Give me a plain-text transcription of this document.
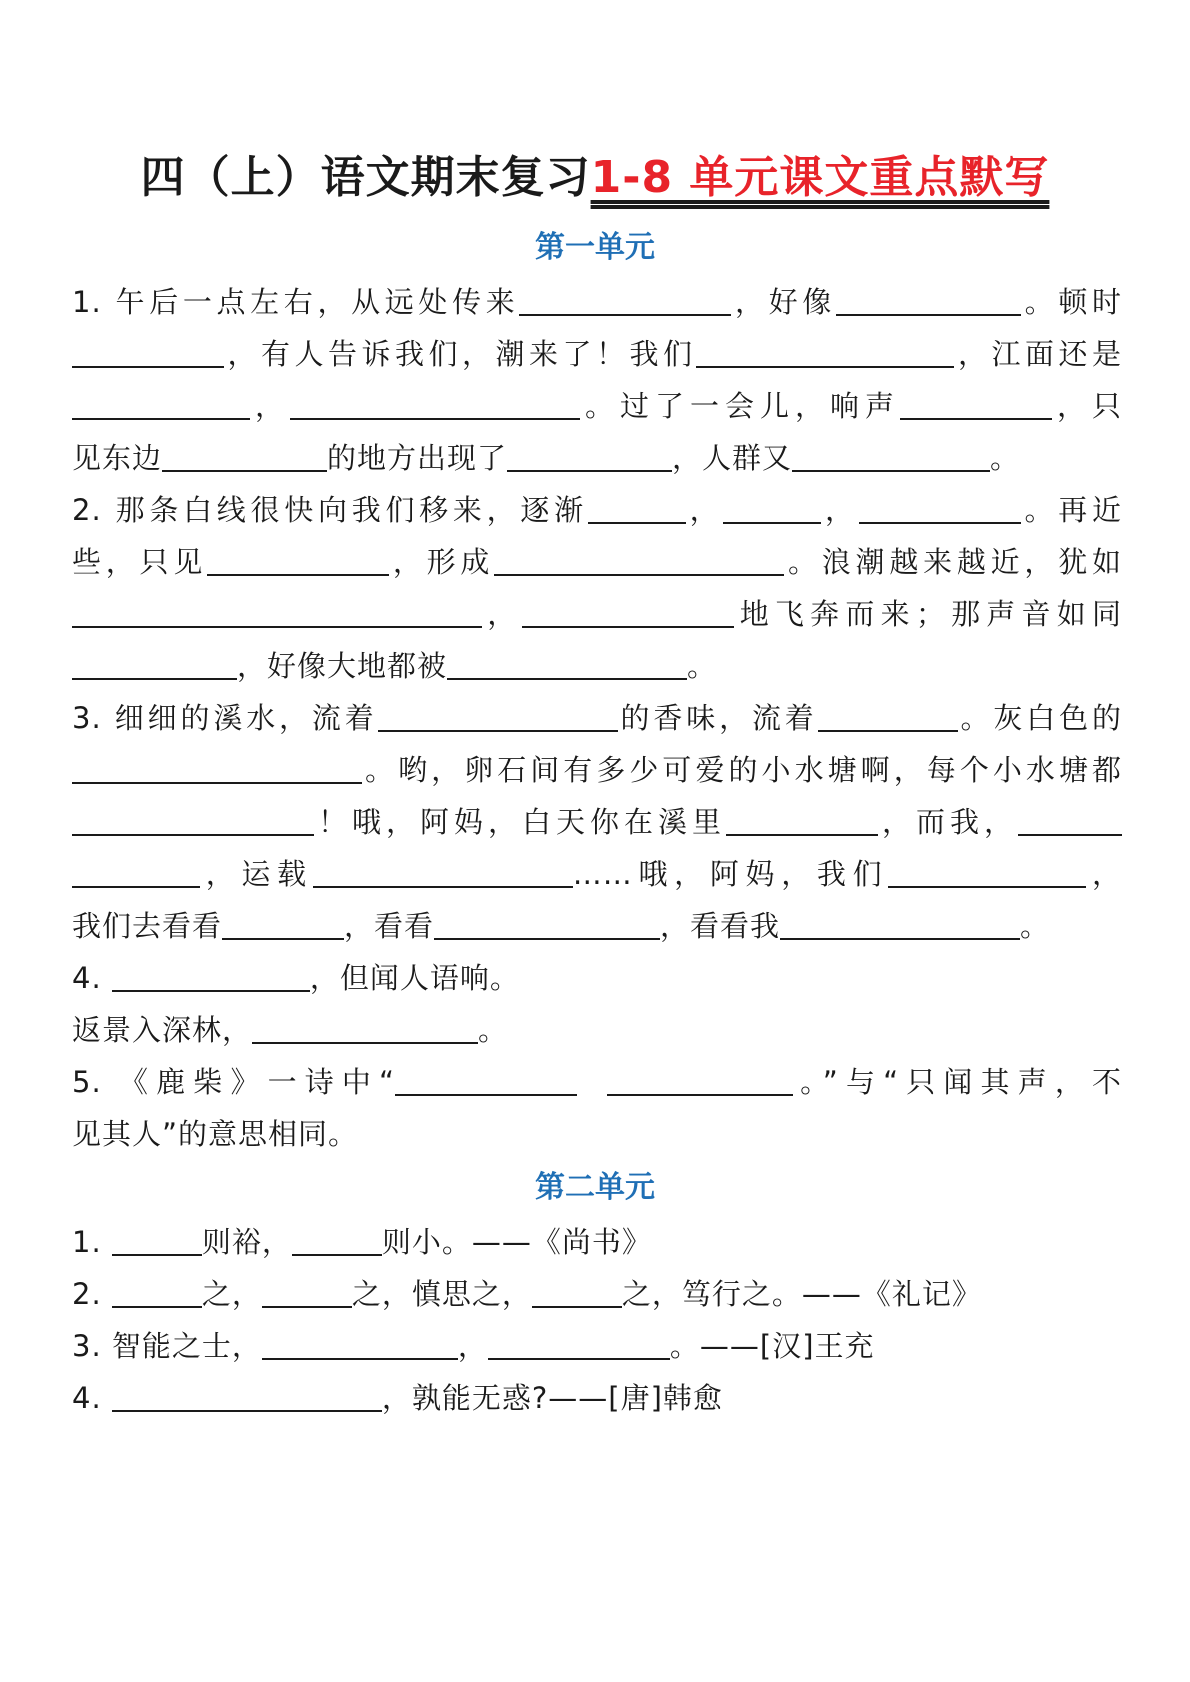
四（上）语文期末复习1-8 单元课文重点默写
第一单元
1. 午后一点左右，从远处传来	，好像	。顿时
，有人告诉我们，潮来了！我们	，江面还是
，	。过了一会儿，响声	，只
见东边	的地方出现了	，人群又	。
2. 那条白线很快向我们移来，逐渐	，	，	。再近
些，只见	，形成	。浪潮越来越近，犹如
，	地飞奔而来；那声音如同
，好像大地都被	。
3. 细细的溪水，流着	的香味，流着	。灰白色的
。哟，卵石间有多少可爱的小水塘啊，每个小水塘都
！哦，阿妈，白天你在溪里	，而我，
，运载	……哦，阿妈，我们	，
我们去看看	，看看	，看看我	。
4.	，但闻人语响。
返景入深林，	。
5. 《鹿柴》一诗中“	。”与“只闻其声，不
见其人”的意思相同。
第二单元
1.	则裕，	则小。——《尚书》
2.	之，	之，慎思之，	之，笃行之。——《礼记》
3. 智能之士，	，	。——[汉]王充
4.	，孰能无惑?——[唐]韩愈
